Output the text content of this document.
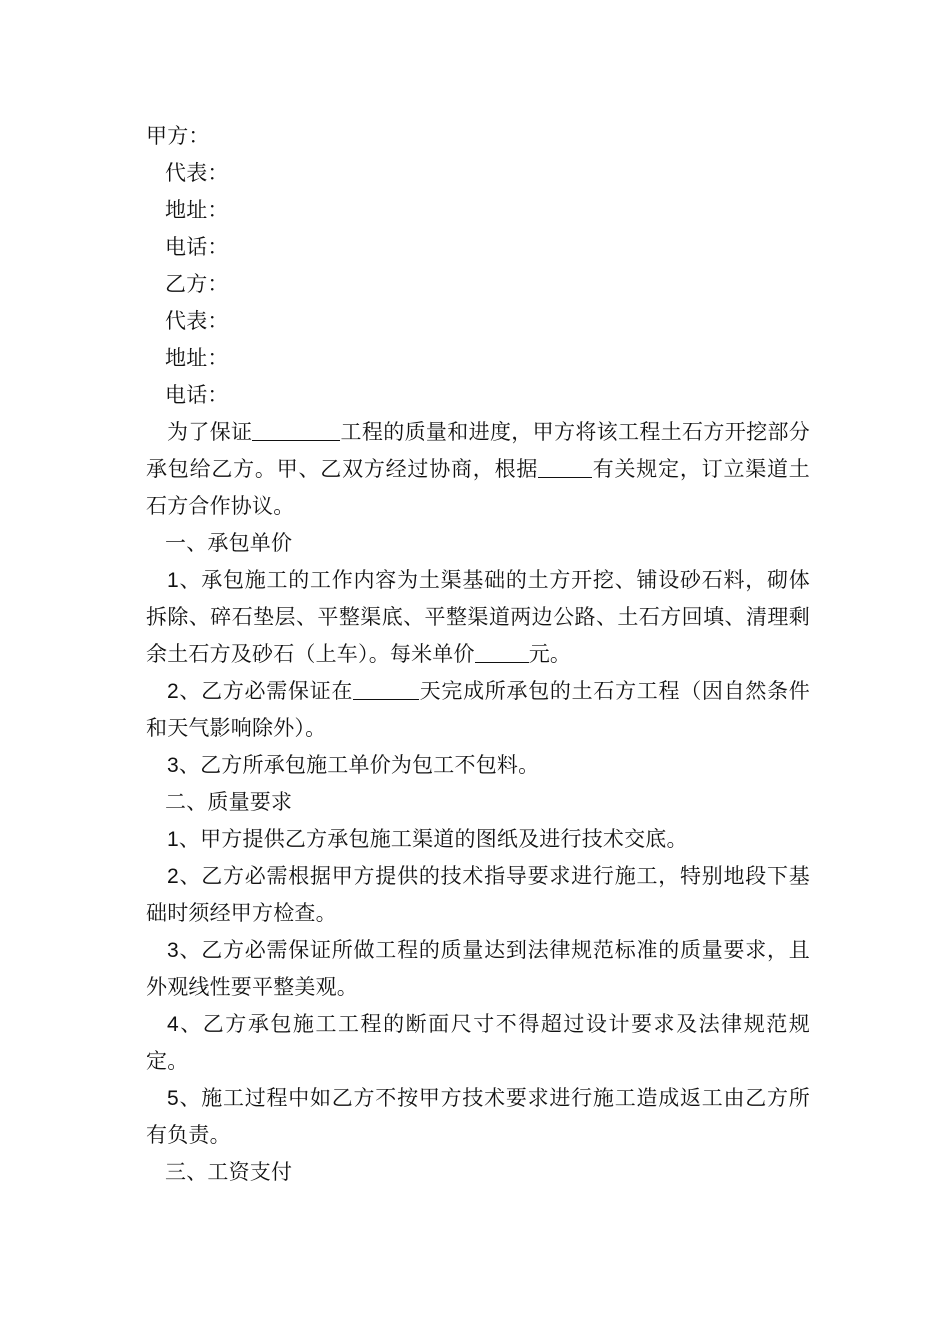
甲方：
代表：
地址：
电话：
乙方：
代表：
地址：
电话：
为了保证	工程的质量和进度，甲方将该工程土石方开挖部分承包给乙方。甲、乙双方经过协商，根据	有关规定，订立渠道土石方合作协议。
一、承包单价
1、承包施工的工作内容为土渠基础的土方开挖、铺设砂石料，砌体拆除、碎石垫层、平整渠底、平整渠道两边公路、土石方回填、清理剩余土石方及砂石（上车）。每米单价	元。
2、乙方必需保证在	天完成所承包的土石方工程（因自然条件和天气影响除外）。
3、乙方所承包施工单价为包工不包料。
二、质量要求
1、甲方提供乙方承包施工渠道的图纸及进行技术交底。
2、乙方必需根据甲方提供的技术指导要求进行施工，特别地段下基础时须经甲方检查。
3、乙方必需保证所做工程的质量达到法律规范标准的质量要求，且外观线性要平整美观。
4、乙方承包施工工程的断面尺寸不得超过设计要求及法律规范规定。
5、施工过程中如乙方不按甲方技术要求进行施工造成返工由乙方所有负责。
三、工资支付
